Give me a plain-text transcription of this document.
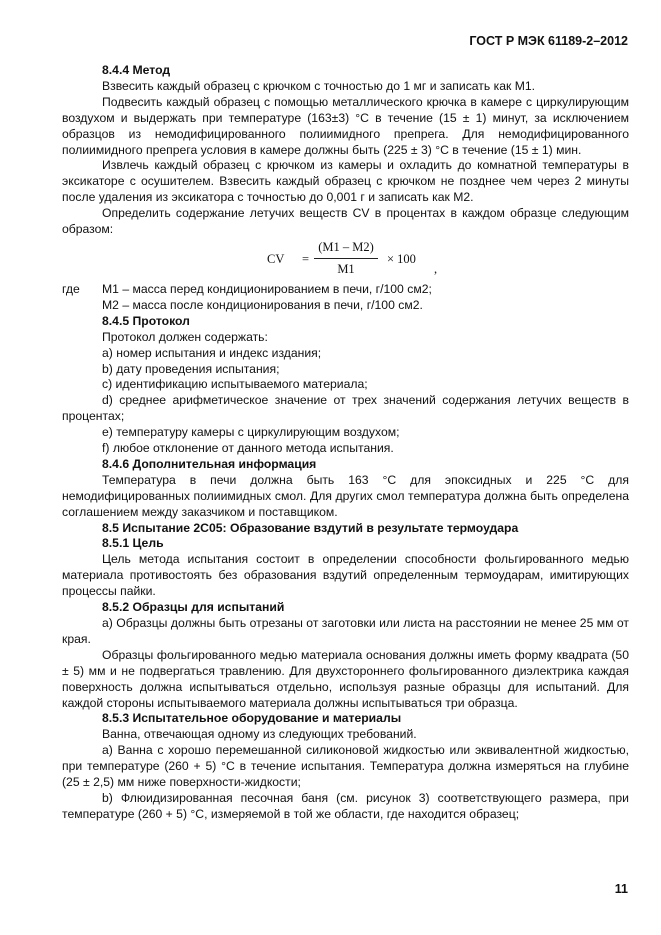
ГОСТ Р МЭК 61189-2–2012

8.4.4 Метод

Взвесить каждый образец с крючком с точностью до 1 мг и записать как M1.

Подвесить каждый образец с помощью металлического крючка в камере с циркулирующим воздухом и выдержать при температуре (163±3) °С в течение (15 ± 1) минут, за исключением образцов из немодифицированного полиимидного препрега. Для немодифицированного полиимидного препрега условия в камере должны быть (225 ± 3) °С в течение (15 ± 1) мин.

Извлечь каждый образец с крючком из камеры и охладить до комнатной температуры в эксикаторе с осушителем. Взвесить каждый образец с крючком не позднее чем через 2 минуты после удаления из эксикатора с точностью до 0,001 г и записать как M2.

Определить содержание летучих веществ CV в процентах в каждом образце следующим образом:

CV =
(M1 – M2)
M1
× 100
,
где	M1 – масса перед кондиционированием в печи, г/100 см2;

M2 – масса после кондиционирования в печи, г/100 см2.

8.4.5 Протокол

Протокол должен содержать:

a) номер испытания и индекс издания;

b) дату проведения испытания;

c) идентификацию испытываемого материала;

d) среднее арифметическое значение от трех значений содержания летучих веществ в процентах;

e) температуру камеры с циркулирующим воздухом;

f) любое отклонение от данного метода испытания.

8.4.6 Дополнительная информация

Температура в печи должна быть 163 °С для эпоксидных и 225 °С для немодифицированных полиимидных смол. Для других смол температура должна быть определена соглашением между заказчиком и поставщиком.

8.5 Испытание 2С05: Образование вздутий в результате термоудара

8.5.1 Цель

Цель метода испытания состоит в определении способности фольгированного медью материала противостоять без образования вздутий определенным термоударам, имитирующих процессы пайки.

8.5.2 Образцы для испытаний

a) Образцы должны быть отрезаны от заготовки или листа на расстоянии не менее 25 мм от края.

Образцы фольгированного медью материала основания должны иметь форму квадрата (50 ± 5) мм и не подвергаться травлению. Для двухстороннего фольгированного диэлектрика каждая поверхность должна испытываться отдельно, используя разные образцы для испытаний. Для каждой стороны испытываемого материала должны испытываться три образца.

8.5.3 Испытательное оборудование и материалы

Ванна, отвечающая одному из следующих требований.

a) Ванна с хорошо перемешанной силиконовой жидкостью или эквивалентной жидкостью, при температуре (260 + 5) °С в течение испытания. Температура должна измеряться на глубине (25 ± 2,5) мм ниже поверхности-жидкости;

b) Флюидизированная песочная баня (см. рисунок 3) соответствующего размера, при температуре (260 + 5) °С, измеряемой в той же области, где находится образец;

11
